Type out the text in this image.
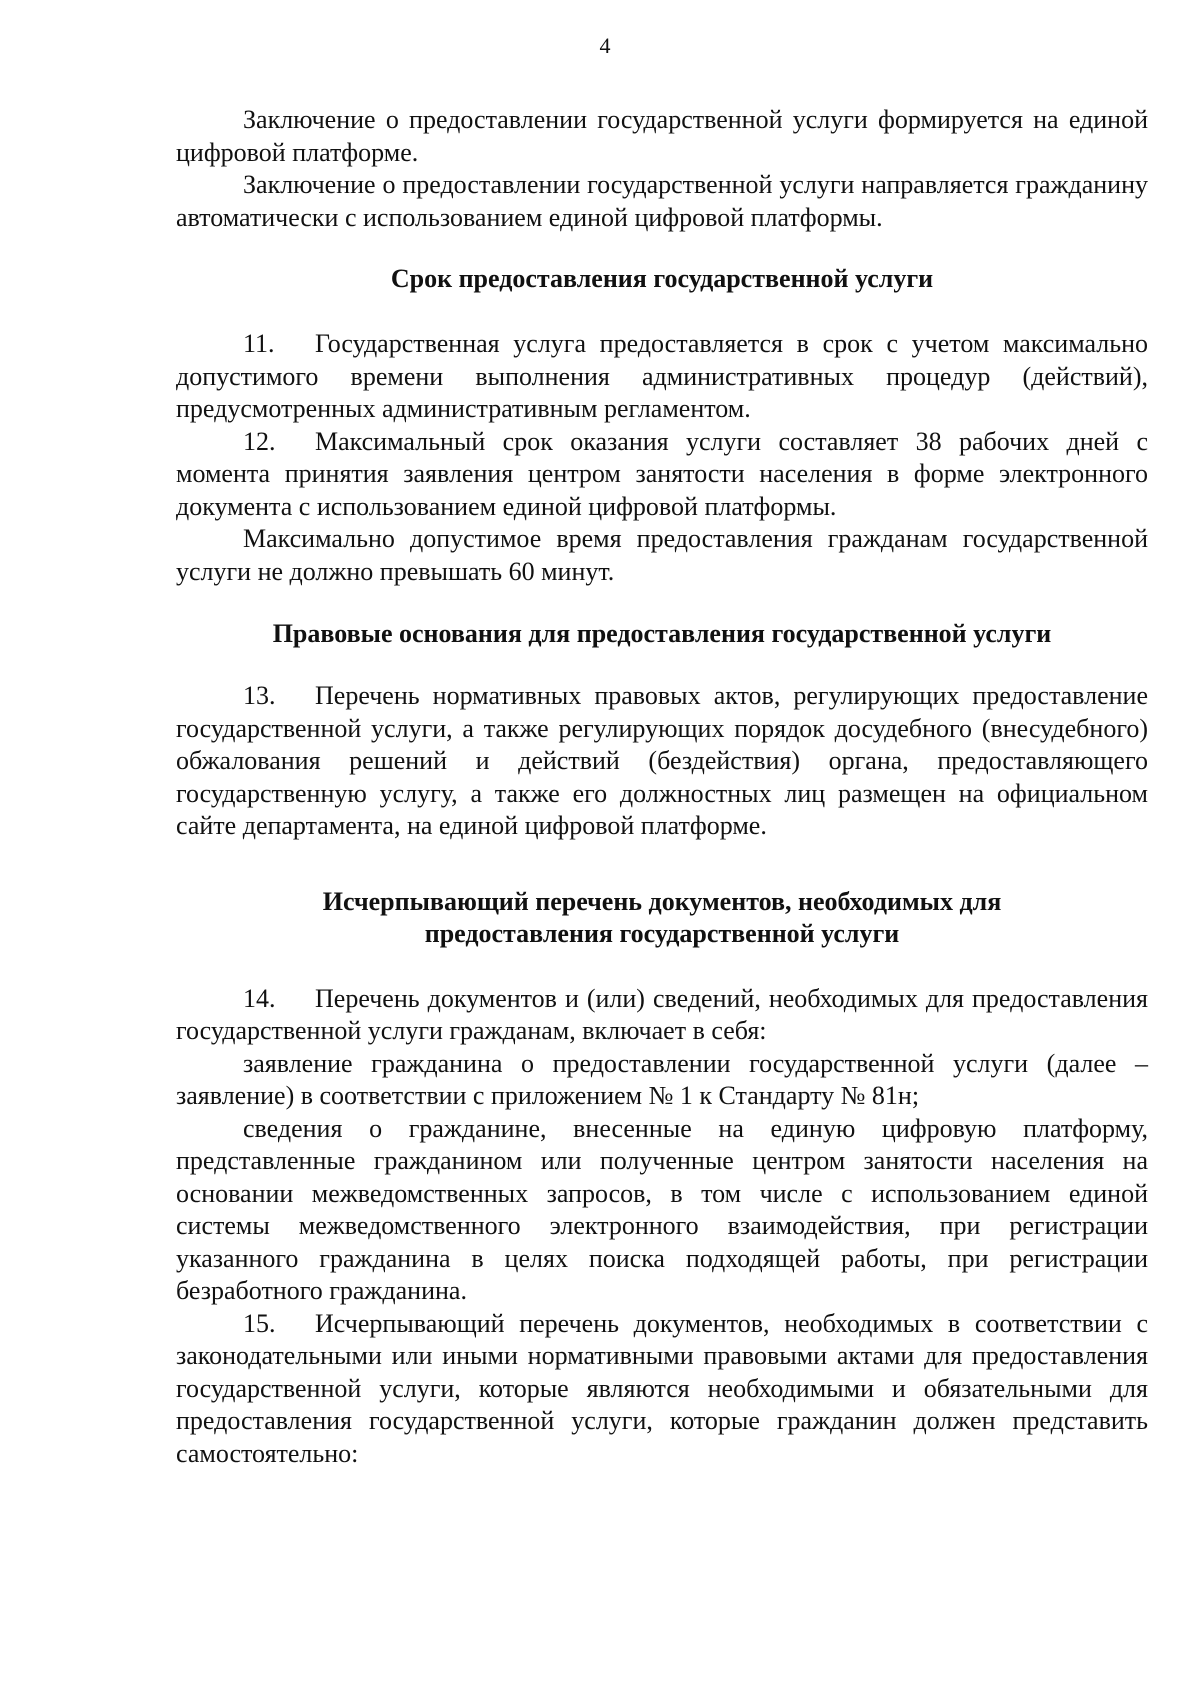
4

Заключение о предоставлении государственной услуги формируется на единой цифровой платформе.

Заключение о предоставлении государственной услуги направляется гражданину автоматически с использованием единой цифровой платформы.

Срок предоставления государственной услуги

11. Государственная услуга предоставляется в срок с учетом максимально допустимого времени выполнения административных процедур (действий), предусмотренных административным регламентом.

12. Максимальный срок оказания услуги составляет 38 рабочих дней с момента принятия заявления центром занятости населения в форме электронного документа с использованием единой цифровой платформы.

Максимально допустимое время предоставления гражданам государственной услуги не должно превышать 60 минут.

Правовые основания для предоставления государственной услуги

13. Перечень нормативных правовых актов, регулирующих предоставление государственной услуги, а также регулирующих порядок досудебного (внесудебного) обжалования решений и действий (бездействия) органа, предоставляющего государственную услугу, а также его должностных лиц размещен на официальном сайте департамента, на единой цифровой платформе.

Исчерпывающий перечень документов, необходимых для
предоставления государственной услуги

14. Перечень документов и (или) сведений, необходимых для предоставления государственной услуги гражданам, включает в себя:

заявление гражданина о предоставлении государственной услуги (далее – заявление) в соответствии с приложением № 1 к Стандарту № 81н;

сведения о гражданине, внесенные на единую цифровую платформу, представленные гражданином или полученные центром занятости населения на основании межведомственных запросов, в том числе с использованием единой системы межведомственного электронного взаимодействия, при регистрации указанного гражданина в целях поиска подходящей работы, при регистрации безработного гражданина.

15. Исчерпывающий перечень документов, необходимых в соответствии с законодательными или иными нормативными правовыми актами для предоставления государственной услуги, которые являются необходимыми и обязательными для предоставления государственной услуги, которые гражданин должен представить самостоятельно:
